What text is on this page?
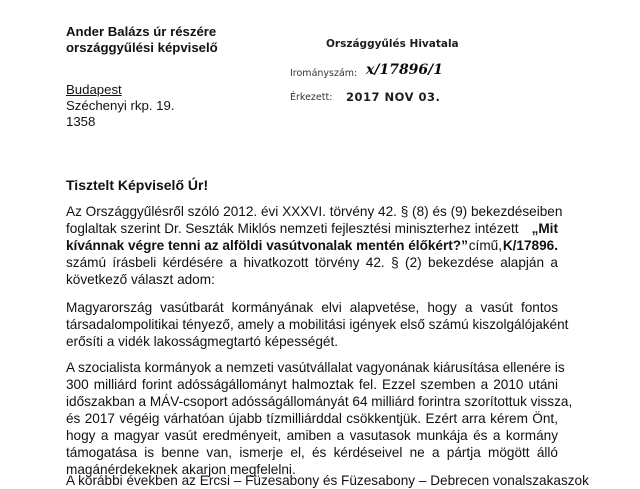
Ander Balázs úr részére
országgyűlési képviselő
Budapest
Széchenyi rkp. 19.
1358
Országgyűlés Hivatala
Irományszám: x/17896/1
Érkezett: 2017 NOV 03.
Tisztelt Képviselő Úr!
Az Országgyűlésről szóló 2012. évi XXXVI. törvény 42. § (8) és (9) bekezdéseiben
foglaltak szerint Dr. Seszták Miklós nemzeti fejlesztési miniszterhez intézett „Mit
kívánnak végre tenni az alföldi vasútvonalak mentén élőkért?” című, K/17896.
számú írásbeli kérdésére a hivatkozott törvény 42. § (2) bekezdése alapján a
következő választ adom:
Magyarország vasútbarát kormányának elvi alapvetése, hogy a vasút fontos
társadalompolitikai tényező, amely a mobilitási igények első számú kiszolgálójaként
erősíti a vidék lakosságmegtartó képességét.
A szocialista kormányok a nemzeti vasútvállalat vagyonának kiárusítása ellenére is
300 milliárd forint adósságállományt halmoztak fel. Ezzel szemben a 2010 utáni
időszakban a MÁV-csoport adósságállományát 64 milliárd forintra szorítottuk vissza,
és 2017 végéig várhatóan újabb tízmilliárddal csökkentjük. Ezért arra kérem Önt,
hogy a magyar vasút eredményeit, amiben a vasutasok munkája és a kormány
támogatása is benne van, ismerje el, és kérdéseivel ne a pártja mögött álló
magánérdekeknek akarjon megfelelni.
A korábbi években az Ercsi – Füzesabony és Füzesabony – Debrecen vonalszakaszok
